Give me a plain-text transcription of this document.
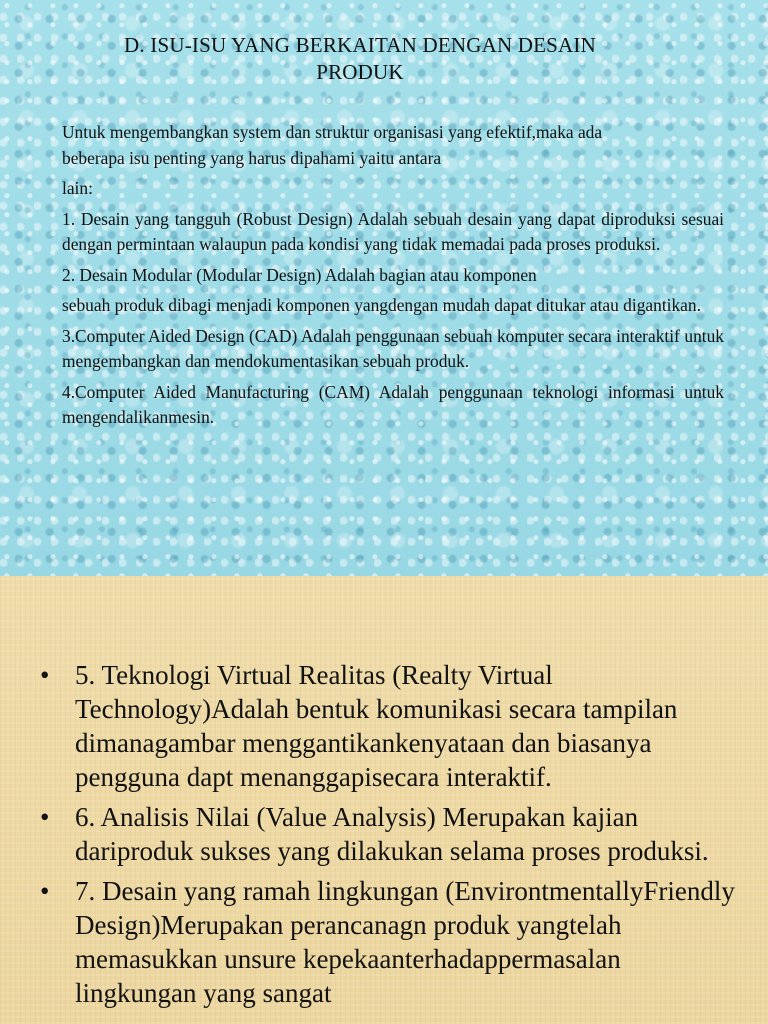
D. ISU-ISU YANG BERKAITAN DENGAN DESAIN
PRODUK

Untuk mengembangkan system dan struktur organisasi yang efektif,maka ada beberapa isu penting yang harus dipahami yaitu antara

lain:

1. Desain yang tangguh (Robust Design) Adalah sebuah desain yang dapat diproduksi sesuai dengan permintaan walaupun pada kondisi yang tidak memadai pada proses produksi.

2. Desain Modular (Modular Design) Adalah bagian atau komponen

sebuah produk dibagi menjadi komponen yangdengan mudah dapat ditukar atau digantikan.

3.Computer Aided Design (CAD) Adalah penggunaan sebuah komputer secara interaktif untuk mengembangkan dan mendokumentasikan sebuah produk.

4.Computer Aided Manufacturing (CAM) Adalah penggunaan teknologi informasi untuk mengendalikanmesin.

• 5. Teknologi Virtual Realitas (Realty Virtual Technology)Adalah bentuk komunikasi secara tampilan dimanagambar menggantikankenyataan dan biasanya pengguna dapt menanggapisecara interaktif.
• 6. Analisis Nilai (Value Analysis) Merupakan kajian dariproduk sukses yang dilakukan selama proses produksi.
• 7. Desain yang ramah lingkungan (EnvirontmentallyFriendly Design)Merupakan perancanagn produk yangtelah memasukkan unsure kepekaanterhadappermasalan lingkungan yang sangat
